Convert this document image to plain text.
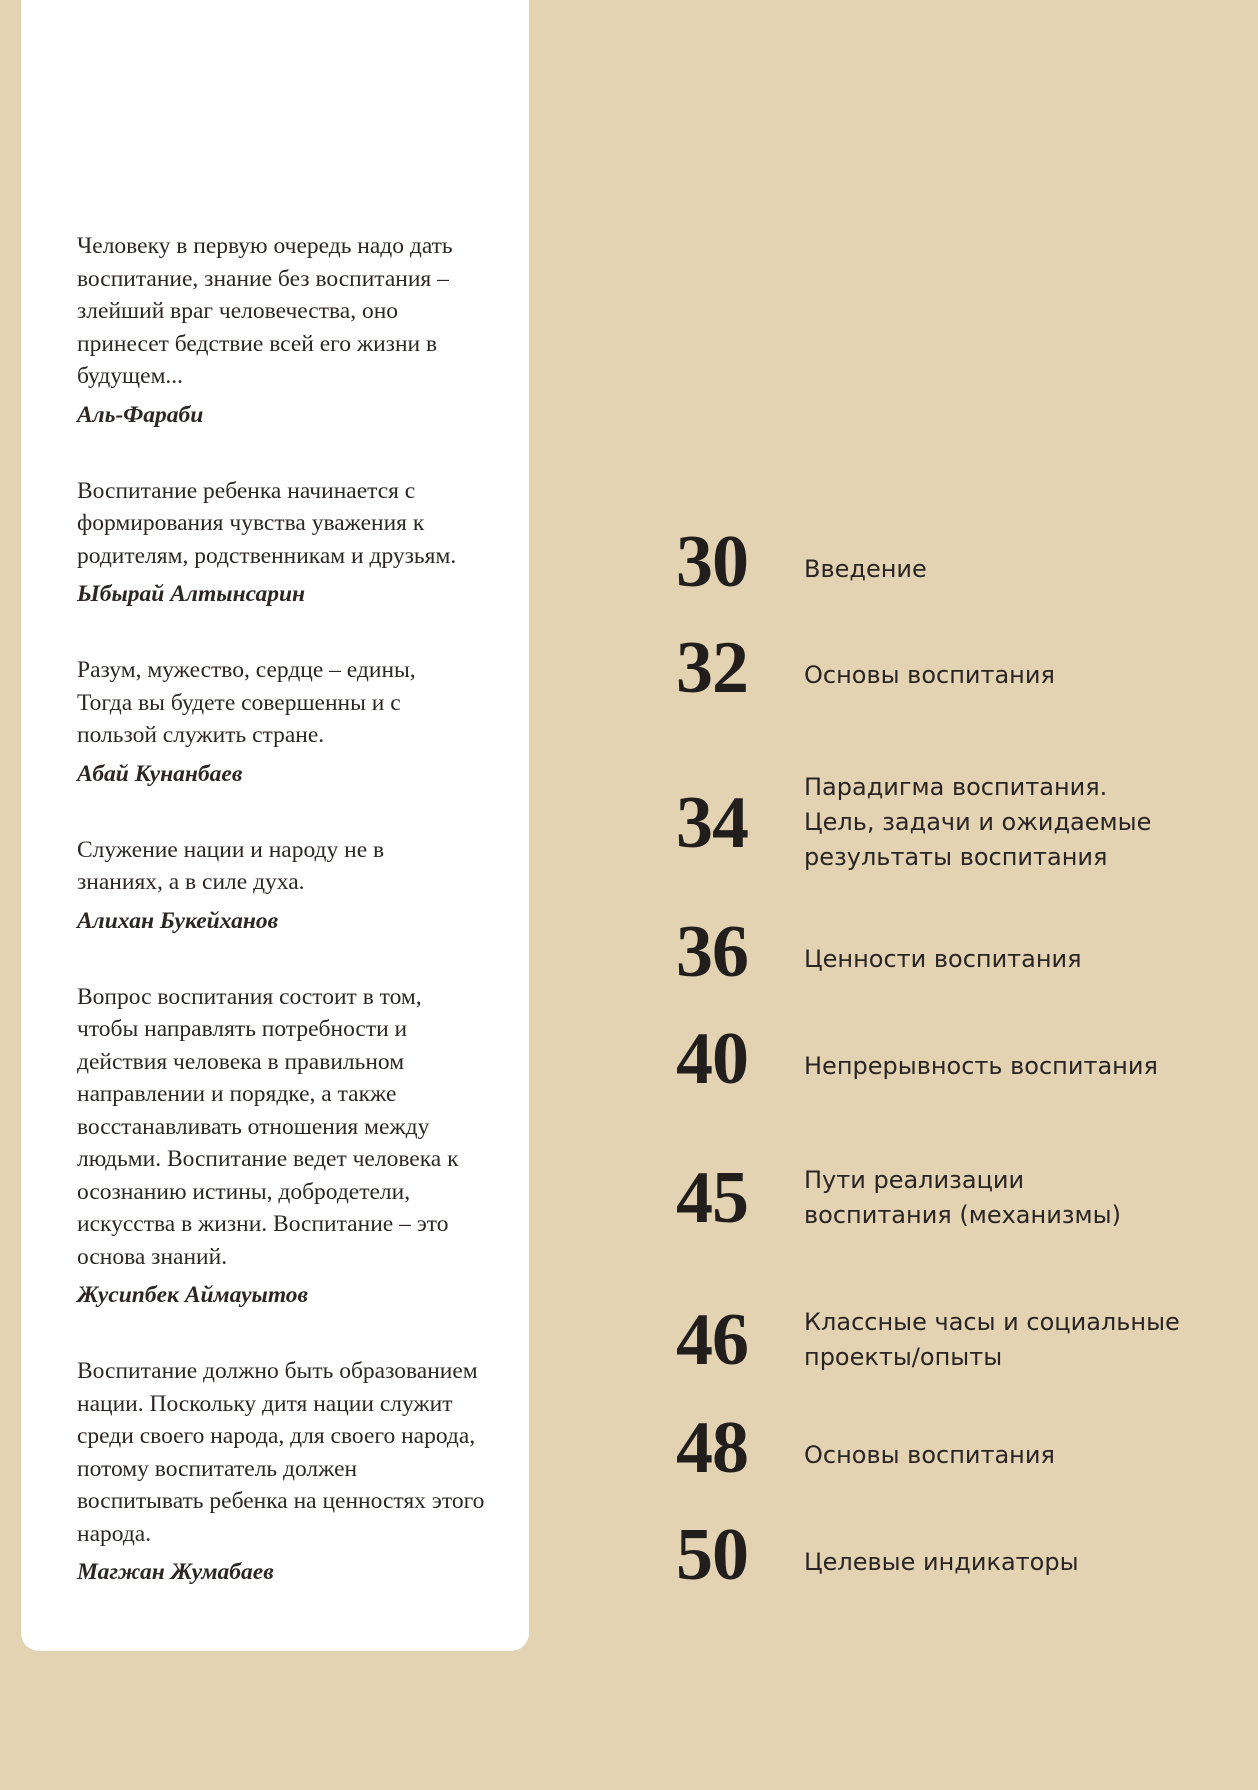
Человеку в первую очередь надо дать воспитание, знание без воспитания – злейший враг человечества, оно принесет бедствие всей его жизни в будущем...

Аль-Фараби

Воспитание ребенка начинается с формирования чувства уважения к родителям, родственникам и друзьям.

Ыбырай Алтынсарин

Разум, мужество, сердце – едины, Тогда вы будете совершенны и с пользой служить стране.

Абай Кунанбаев

Служение нации и народу не в знаниях, а в силе духа.

Алихан Букейханов

Вопрос воспитания состоит в том, чтобы направлять потребности и действия человека в правильном направлении и порядке, а также восстанавливать отношения между людьми. Воспитание ведет человека к осознанию истины, добродетели, искусства в жизни. Воспитание – это основа знаний.

Жусипбек Аймауытов

Воспитание должно быть образованием нации. Поскольку дитя нации служит среди своего народа, для своего народа, потому воспитатель должен воспитывать ребенка на ценностях этого народа.

Магжан Жумабаев

30	Введение
32	Основы воспитания
34	Парадигма воспитания. Цель, задачи и ожидаемые результаты воспитания
36	Ценности воспитания
40	Непрерывность воспитания
45	Пути реализации воспитания (механизмы)
46	Классные часы и социальные проекты/опыты
48	Основы воспитания
50	Целевые индикаторы
